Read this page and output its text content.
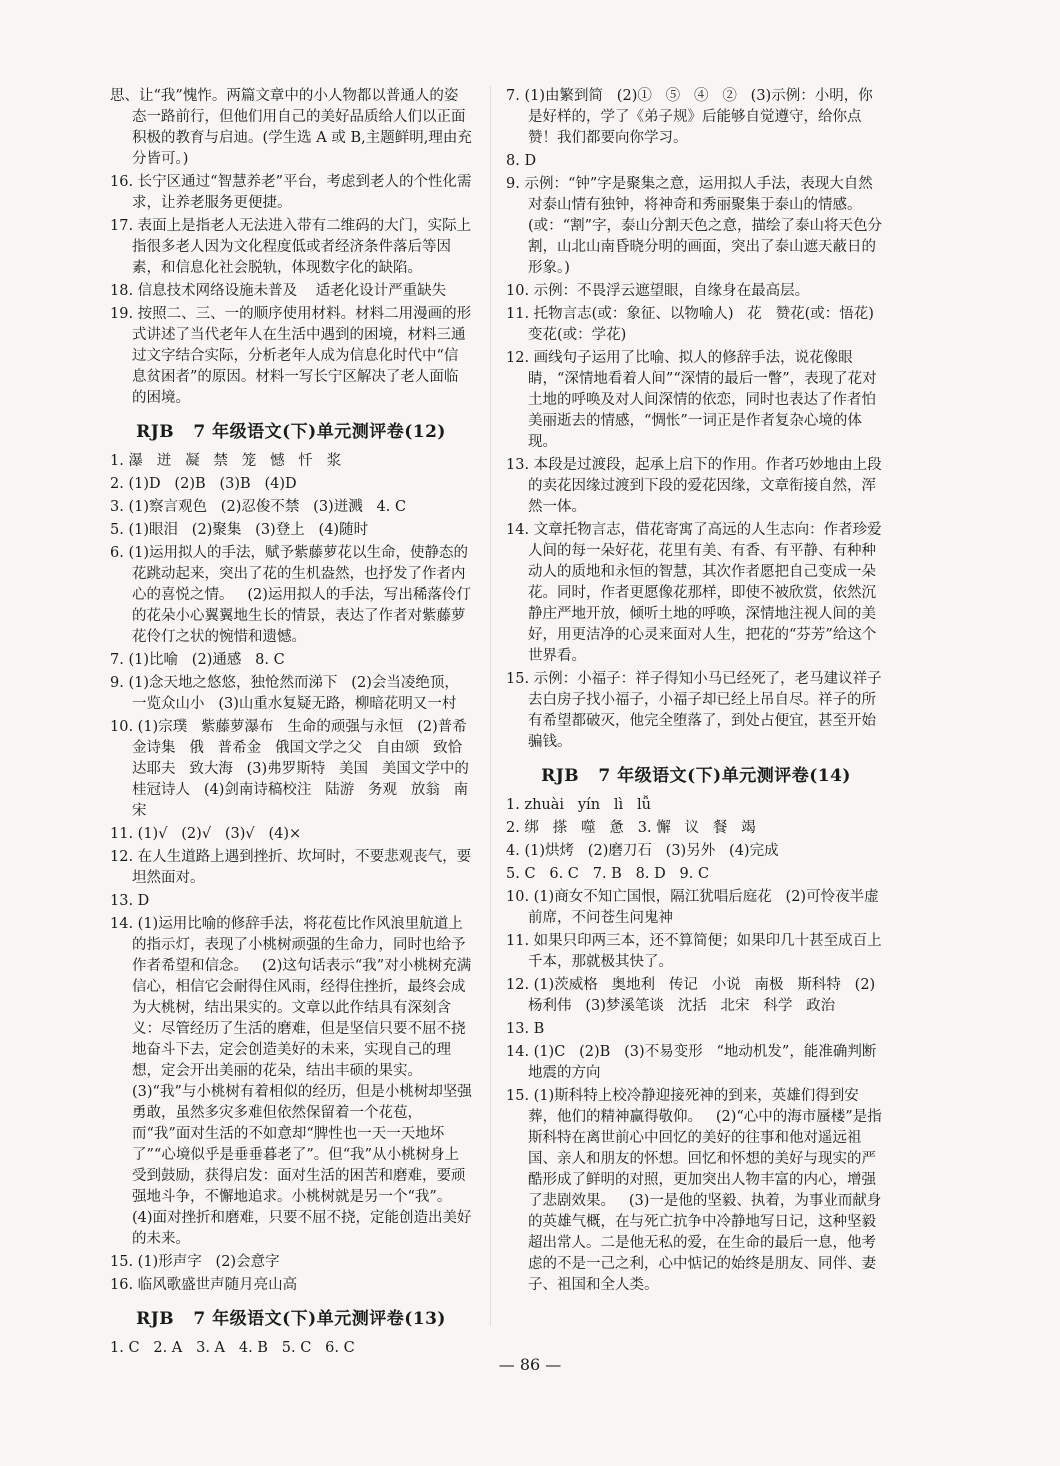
思、让“我”愧怍。两篇文章中的小人物都以普通人的姿态一路前行，但他们用自己的美好品质给人们以正面积极的教育与启迪。(学生选 A 或 B,主题鲜明,理由充分皆可。)
16. 长宁区通过“智慧养老”平台，考虑到老人的个性化需求，让养老服务更便捷。
17. 表面上是指老人无法进入带有二维码的大门，实际上指很多老人因为文化程度低或者经济条件落后等因素，和信息化社会脱轨，体现数字化的缺陷。
18. 信息技术网络设施未普及    适老化设计严重缺失
19. 按照二、三、一的顺序使用材料。材料二用漫画的形式讲述了当代老年人在生活中遇到的困境，材料三通过文字结合实际，分析老年人成为信息化时代中“信息贫困者”的原因。材料一写长宁区解决了老人面临的困境。
RJB   7 年级语文(下)单元测评卷(12)
1. 瀑   迸   凝   禁   笼   憾   忏   浆
2. (1)D   (2)B   (3)B   (4)D
3. (1)察言观色   (2)忍俊不禁   (3)迸溅   4. C
5. (1)眼泪   (2)聚集   (3)登上   (4)随时
6. (1)运用拟人的手法，赋予紫藤萝花以生命，使静态的花跳动起来，突出了花的生机盎然，也抒发了作者内心的喜悦之情。   (2)运用拟人的手法，写出稀落伶仃的花朵小心翼翼地生长的情景，表达了作者对紫藤萝花伶仃之状的惋惜和遗憾。
7. (1)比喻   (2)通感   8. C
9. (1)念天地之悠悠，独怆然而涕下   (2)会当凌绝顶，一览众山小   (3)山重水复疑无路，柳暗花明又一村
10. (1)宗璞   紫藤萝瀑布   生命的顽强与永恒   (2)普希金诗集   俄   普希金   俄国文学之父   自由颂   致恰达耶夫   致大海   (3)弗罗斯特   美国   美国文学中的桂冠诗人   (4)剑南诗稿校注   陆游   务观   放翁   南宋
11. (1)√   (2)√   (3)√   (4)×
12. 在人生道路上遇到挫折、坎坷时，不要悲观丧气，要坦然面对。
13. D
14. (1)运用比喻的修辞手法，将花苞比作风浪里航道上的指示灯，表现了小桃树顽强的生命力，同时也给予作者希望和信念。   (2)这句话表示“我”对小桃树充满信心，相信它会耐得住风雨，经得住挫折，最终会成为大桃树，结出果实的。文章以此作结具有深刻含义：尽管经历了生活的磨难，但是坚信只要不屈不挠地奋斗下去，定会创造美好的未来，实现自己的理想，定会开出美丽的花朵，结出丰硕的果实。   (3)“我”与小桃树有着相似的经历，但是小桃树却坚强勇敢，虽然多灾多难但依然保留着一个花苞，而“我”面对生活的不如意却“脾性也一天一天地坏了”“心境似乎是垂垂暮老了”。但“我”从小桃树身上受到鼓励，获得启发：面对生活的困苦和磨难，要顽强地斗争，不懈地追求。小桃树就是另一个“我”。   (4)面对挫折和磨难，只要不屈不挠，定能创造出美好的未来。
15. (1)形声字   (2)会意字
16. 临风歌盛世声随月亮山高
RJB   7 年级语文(下)单元测评卷(13)
1. C   2. A   3. A   4. B   5. C   6. C
7. (1)由繁到简   (2)①   ⑤   ④   ②   (3)示例：小明，你是好样的，学了《弟子规》后能够自觉遵守，给你点赞！我们都要向你学习。
8. D
9. 示例：“钟”字是聚集之意，运用拟人手法，表现大自然对泰山情有独钟，将神奇和秀丽聚集于泰山的情感。(或：“割”字，泰山分割天色之意，描绘了泰山将天色分割，山北山南昏晓分明的画面，突出了泰山遮天蔽日的形象。)
10. 示例：不畏浮云遮望眼，自缘身在最高层。
11. 托物言志(或：象征、以物喻人)   花   赞花(或：悟花)   变花(或：学花)
12. 画线句子运用了比喻、拟人的修辞手法，说花像眼睛，“深情地看着人间”“深情的最后一瞥”，表现了花对土地的呼唤及对人间深情的依恋，同时也表达了作者怕美丽逝去的情感，“惆怅”一词正是作者复杂心境的体现。
13. 本段是过渡段，起承上启下的作用。作者巧妙地由上段的卖花因缘过渡到下段的爱花因缘，文章衔接自然，浑然一体。
14. 文章托物言志，借花寄寓了高远的人生志向：作者珍爱人间的每一朵好花，花里有美、有香、有平静、有种种动人的质地和永恒的智慧，其次作者愿把自己变成一朵花。同时，作者更愿像花那样，即使不被欣赏，依然沉静庄严地开放，倾听土地的呼唤，深情地注视人间的美好，用更洁净的心灵来面对人生，把花的“芬芳”给这个世界看。
15. 示例：小福子：祥子得知小马已经死了，老马建议祥子去白房子找小福子，小福子却已经上吊自尽。祥子的所有希望都破灭，他完全堕落了，到处占便宜，甚至开始骗钱。
RJB   7 年级语文(下)单元测评卷(14)
1. zhuài   yín   lì   lǚ
2. 绑   搽   噬   惫   3. 懈   议   餐   竭
4. (1)烘烤   (2)磨刀石   (3)另外   (4)完成
5. C   6. C   7. B   8. D   9. C
10. (1)商女不知亡国恨，隔江犹唱后庭花   (2)可怜夜半虚前席，不问苍生问鬼神
11. 如果只印两三本，还不算简便；如果印几十甚至成百上千本，那就极其快了。
12. (1)茨威格   奥地利   传记   小说   南极   斯科特   (2)杨利伟   (3)梦溪笔谈   沈括   北宋   科学   政治
13. B
14. (1)C   (2)B   (3)不易变形   “地动机发”，能准确判断地震的方向
15. (1)斯科特上校冷静迎接死神的到来，英雄们得到安葬，他们的精神赢得敬仰。   (2)“心中的海市蜃楼”是指斯科特在离世前心中回忆的美好的往事和他对遥远祖国、亲人和朋友的怀想。回忆和怀想的美好与现实的严酷形成了鲜明的对照，更加突出人物丰富的内心，增强了悲剧效果。   (3)一是他的坚毅、执着，为事业而献身的英雄气概，在与死亡抗争中冷静地写日记，这种坚毅超出常人。二是他无私的爱，在生命的最后一息，他考虑的不是一己之利，心中惦记的始终是朋友、同伴、妻子、祖国和全人类。
— 86 —
